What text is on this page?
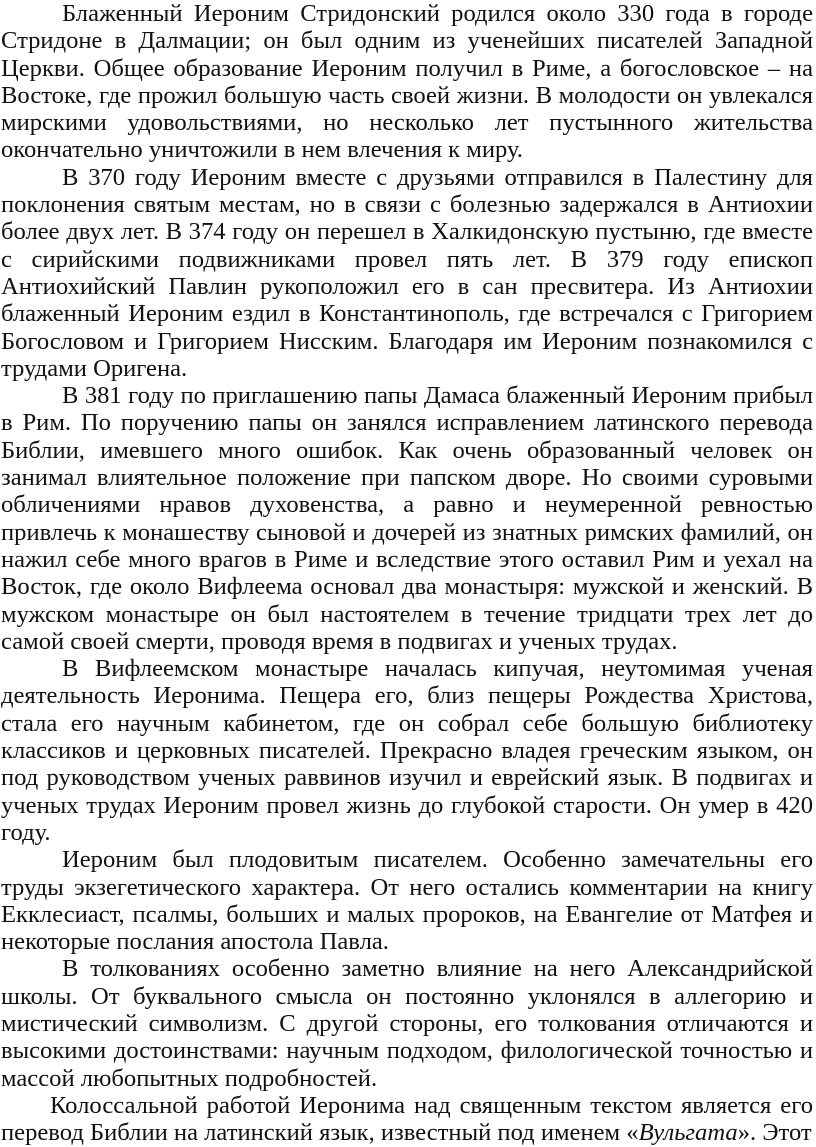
Блаженный Иероним Стридонский родился около 330 года в городе Стридоне в Далмации; он был одним из ученейших писателей Западной Церкви. Общее образование Иероним получил в Риме, а богословское – на Востоке, где прожил большую часть своей жизни. В молодости он увлекался мирскими удовольствиями, но несколько лет пустынного жительства окончательно уничтожили в нем влечения к миру.

В 370 году Иероним вместе с друзьями отправился в Палестину для поклонения святым местам, но в связи с болезнью задержался в Антиохии более двух лет. В 374 году он перешел в Халкидонскую пустыню, где вместе с сирийскими подвижниками провел пять лет. В 379 году епископ Антиохийский Павлин рукоположил его в сан пресвитера. Из Антиохии блаженный Иероним ездил в Константинополь, где встречался с Григорием Богословом и Григорием Нисским. Благодаря им Иероним познакомился с трудами Оригена.

В 381 году по приглашению папы Дамаса блаженный Иероним прибыл в Рим. По поручению папы он занялся исправлением латинского перевода Библии, имевшего много ошибок. Как очень образованный человек он занимал влиятельное положение при папском дворе. Но своими суровыми обличениями нравов духовенства, а равно и неумеренной ревностью привлечь к монашеству сыновой и дочерей из знатных римских фамилий, он нажил себе много врагов в Риме и вследствие этого оставил Рим и уехал на Восток, где около Вифлеема основал два монастыря: мужской и женский. В мужском монастыре он был настоятелем в течение тридцати трех лет до самой своей смерти, проводя время в подвигах и ученых трудах.

В Вифлеемском монастыре началась кипучая, неутомимая ученая деятельность Иеронима. Пещера его, близ пещеры Рождества Христова, стала его научным кабинетом, где он собрал себе большую библиотеку классиков и церковных писателей. Прекрасно владея греческим языком, он под руководством ученых раввинов изучил и еврейский язык. В подвигах и ученых трудах Иероним провел жизнь до глубокой старости. Он умер в 420 году.

Иероним был плодовитым писателем. Особенно замечательны его труды экзегетического характера. От него остались комментарии на книгу Екклесиаст, псалмы, больших и малых пророков, на Евангелие от Матфея и некоторые послания апостола Павла.

В толкованиях особенно заметно влияние на него Александрийской школы. От буквального смысла он постоянно уклонялся в аллегорию и мистический символизм. С другой стороны, его толкования отличаются и высокими достоинствами: научным подходом, филологической точностью и массой любопытных подробностей.

Колоссальной работой Иеронима над священным текстом является его перевод Библии на латинский язык, известный под именем «Вульгата». Этот
